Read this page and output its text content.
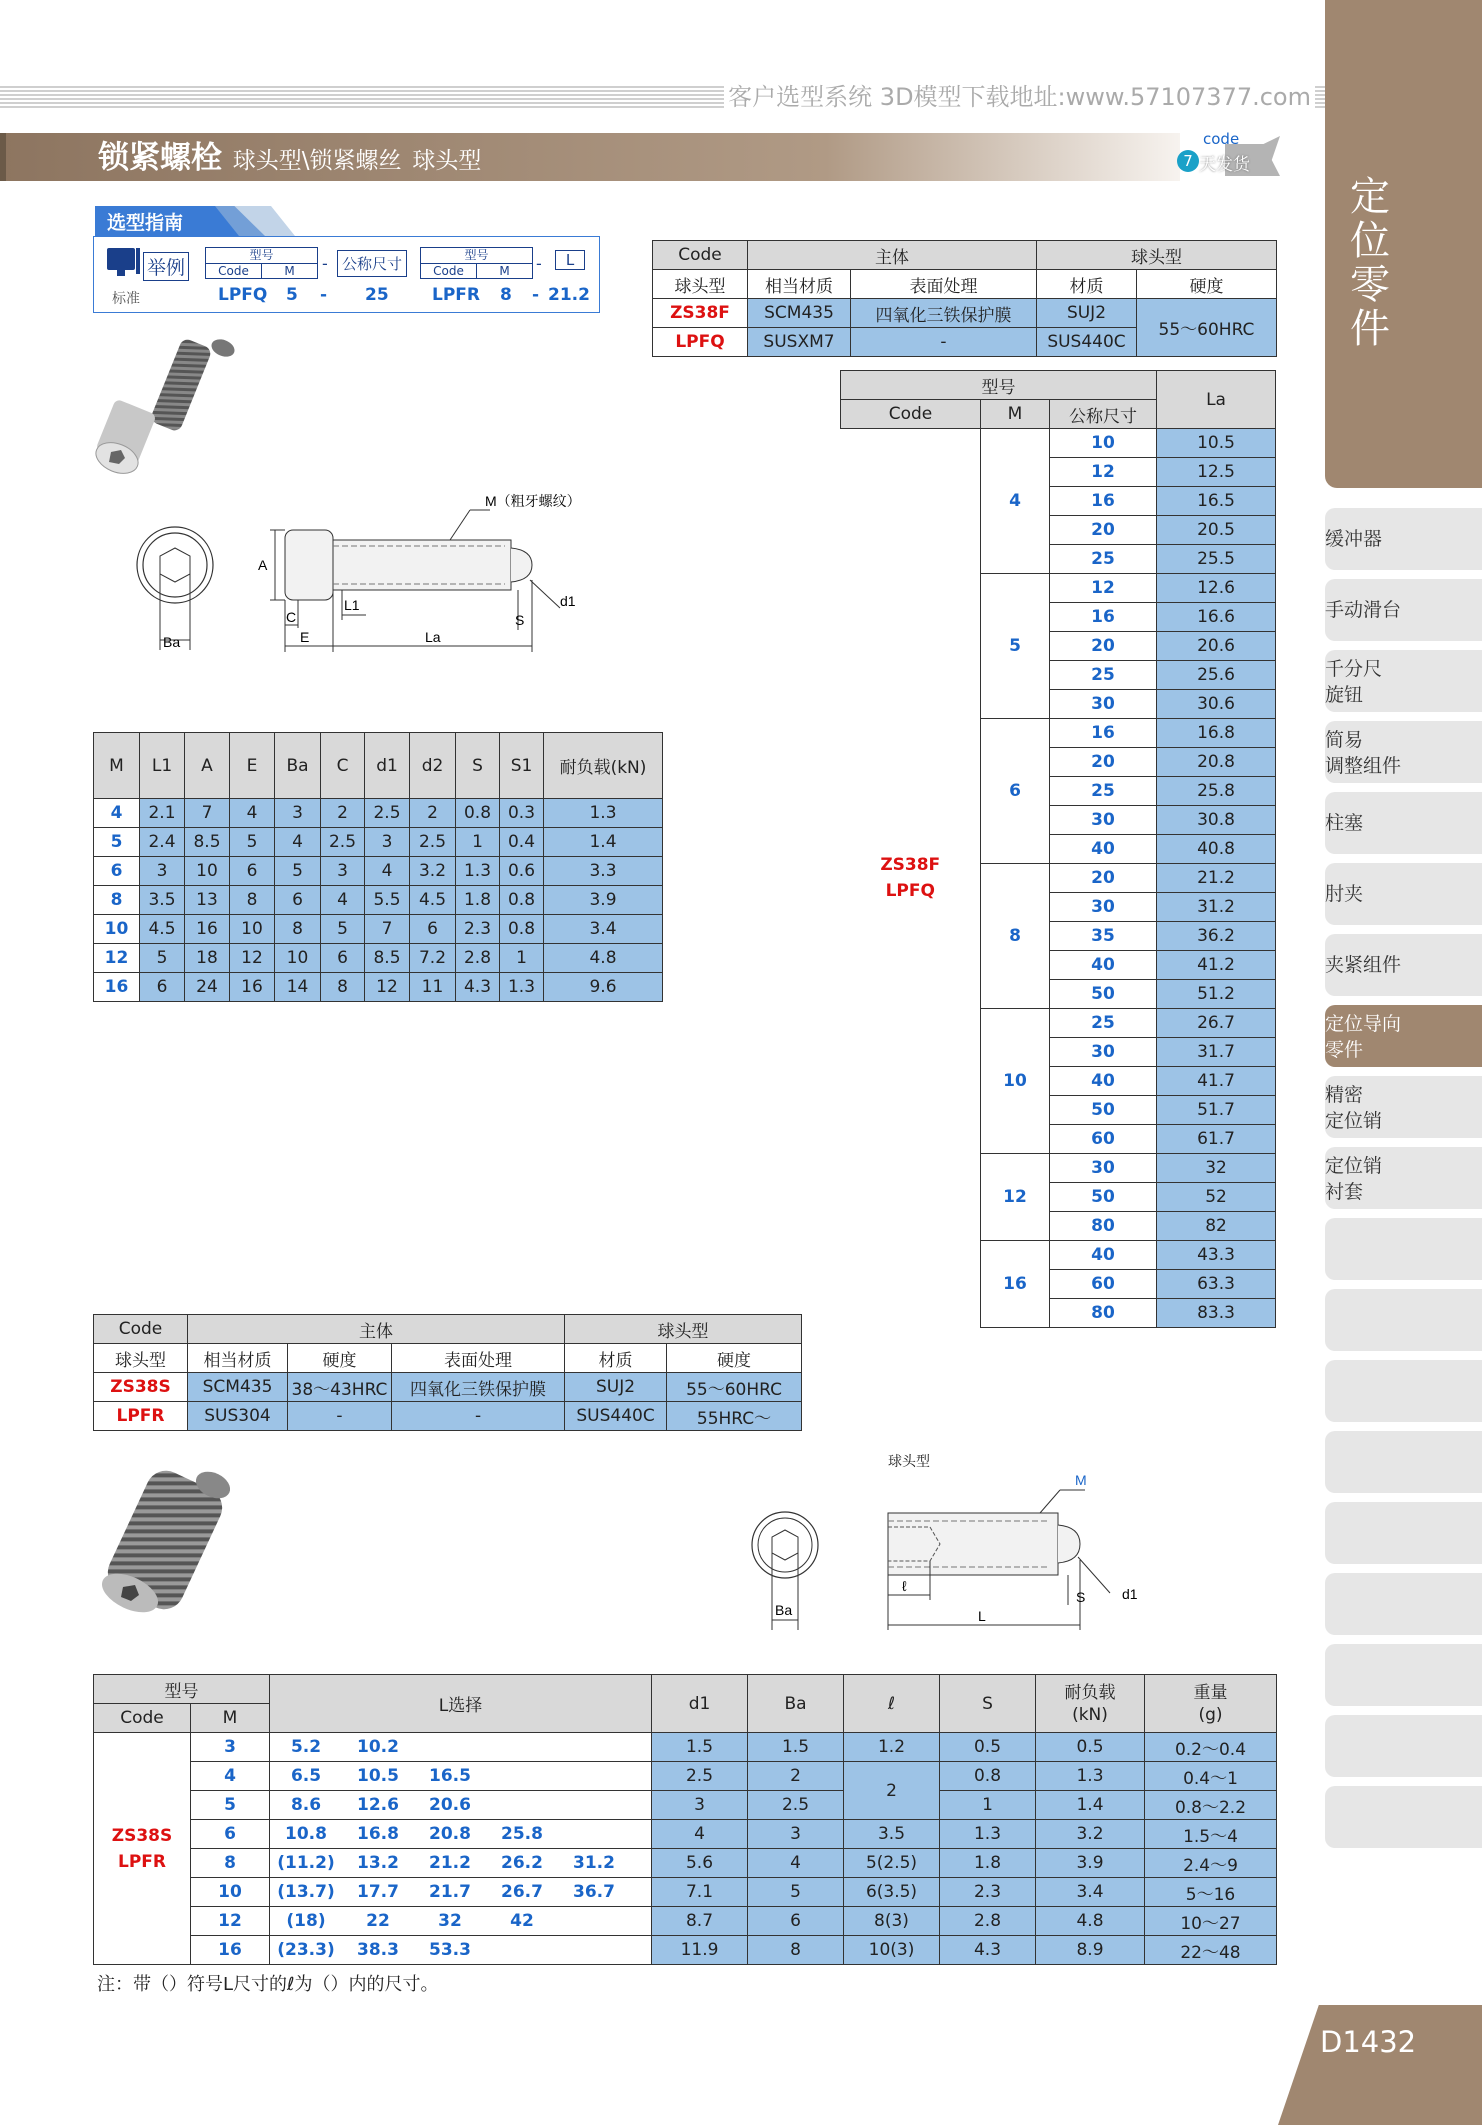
客户选型系统 3D模型下载地址:www.57107377.com
锁紧螺栓 球头型\锁紧螺丝 球头型
code
7 天发货
选型指南
举例
标准
型号
Code	M	- 公称尺寸	型号
Code	M	-	L
LPFQ 5 - 25	LPFR 8 - 21.2
Code	主体		球头型	
球头型	相当材质	表面处理	材质	硬度
ZS38F	SCM435	四氧化三铁保护膜	SUJ2	55～60HRC
LPFQ	SUSXM7	-	SUS440C	
Ba
A
C
E
L1
La
S
d1
M（粗牙螺纹）
M	L1	A	E	Ba	C	d1	d2	S	S1	耐负载(kN)
4	2.1	7	4	3	2	2.5	2	0.8	0.3	1.3
5	2.4	8.5	5	4	2.5	3	2.5	1	0.4	1.4
6	3	10	6	5	3	4	3.2	1.3	0.6	3.3
8	3.5	13	8	6	4	5.5	4.5	1.8	0.8	3.9
10	4.5	16	10	8	5	7	6	2.3	0.8	3.4
12	5	18	12	10	6	8.5	7.2	2.8	1	4.8
16	6	24	16	14	8	12	11	4.3	1.3	9.6
型号			La
Code	M	公称尺寸	
ZS38F
LPFQ	4	10	10.5
		12	12.5
		16	16.5
		20	20.5
		25	25.5
	5	12	12.6
		16	16.6
		20	20.6
		25	25.6
		30	30.6
	6	16	16.8
		20	20.8
		25	25.8
		30	30.8
		40	40.8
	8	20	21.2
		30	31.2
		35	36.2
		40	41.2
		50	51.2
	10	25	26.7
		30	31.7
		40	41.7
		50	51.7
		60	61.7
	12	30	32
		50	52
		80	82
	16	40	43.3
		60	63.3
		80	83.3
Code	主体			球头型	
球头型	相当材质	硬度	表面处理	材质	硬度
ZS38S	SCM435	38～43HRC	四氧化三铁保护膜	SUJ2	55～60HRC
LPFR	SUS304	-	-	SUS440C	55HRC～
球头型
Ba
ℓ
L
S	d1
M
型号		L选择	d1	Ba	ℓ	S	耐负载
(kN)	重量
(g)
Code	M							
ZS38S
LPFR	3	5.2 10.2	1.5	1.5	1.2	0.5	0.5	0.2～0.4
	4	6.5 10.5 16.5	2.5	2	2	0.8	1.3	0.4～1
	5	8.6 12.6 20.6	3	2.5		1	1.4	0.8～2.2
	6	10.8 16.8 20.8 25.8	4	3	3.5	1.3	3.2	1.5～4
	8	(11.2) 13.2 21.2 26.2 31.2	5.6	4	5(2.5)	1.8	3.9	2.4～9
	10	(13.7) 17.7 21.7 26.7 36.7	7.1	5	6(3.5)	2.3	3.4	5～16
	12	(18) 22 32 42	8.7	6	8(3)	2.8	4.8	10～27
	16	(23.3) 38.3 53.3	11.9	8	10(3)	4.3	8.9	22～48
注：带（）符号L尺寸的ℓ为（）内的尺寸。
定位零件
缓冲器
手动滑台
千分尺
旋钮
简易
调整组件
柱塞
肘夹
夹紧组件
定位导向
零件
精密
定位销
定位销
衬套
D1432
